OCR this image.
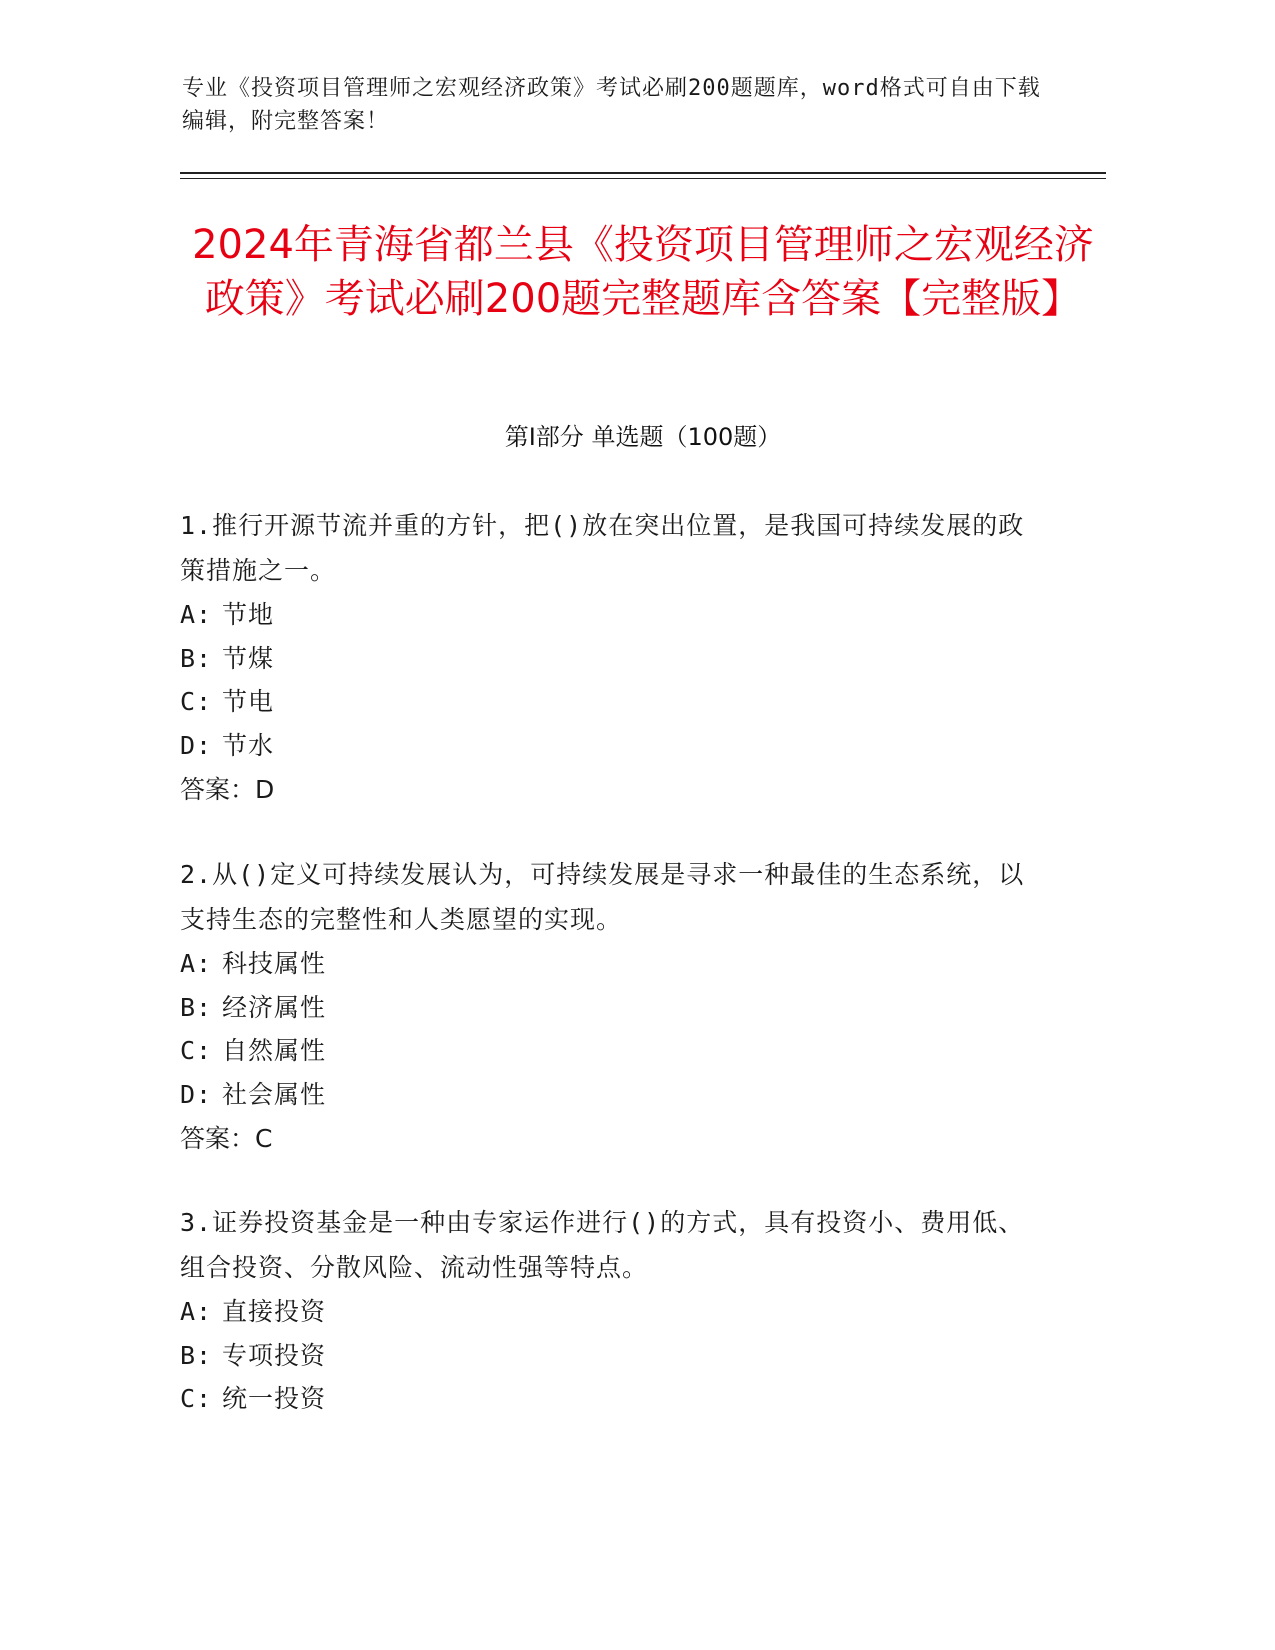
专业《投资项目管理师之宏观经济政策》考试必刷200题题库，word格式可自由下载编辑，附完整答案！
2024年青海省都兰县《投资项目管理师之宏观经济政策》考试必刷200题完整题库含答案【完整版】
第I部分 单选题（100题）
1.推行开源节流并重的方针，把()放在突出位置，是我国可持续发展的政策措施之一。
A: 节地
B: 节煤
C: 节电
D: 节水
答案：D
2.从()定义可持续发展认为，可持续发展是寻求一种最佳的生态系统，以支持生态的完整性和人类愿望的实现。
A: 科技属性
B: 经济属性
C: 自然属性
D: 社会属性
答案：C
3.证券投资基金是一种由专家运作进行()的方式，具有投资小、费用低、组合投资、分散风险、流动性强等特点。
A: 直接投资
B: 专项投资
C: 统一投资
